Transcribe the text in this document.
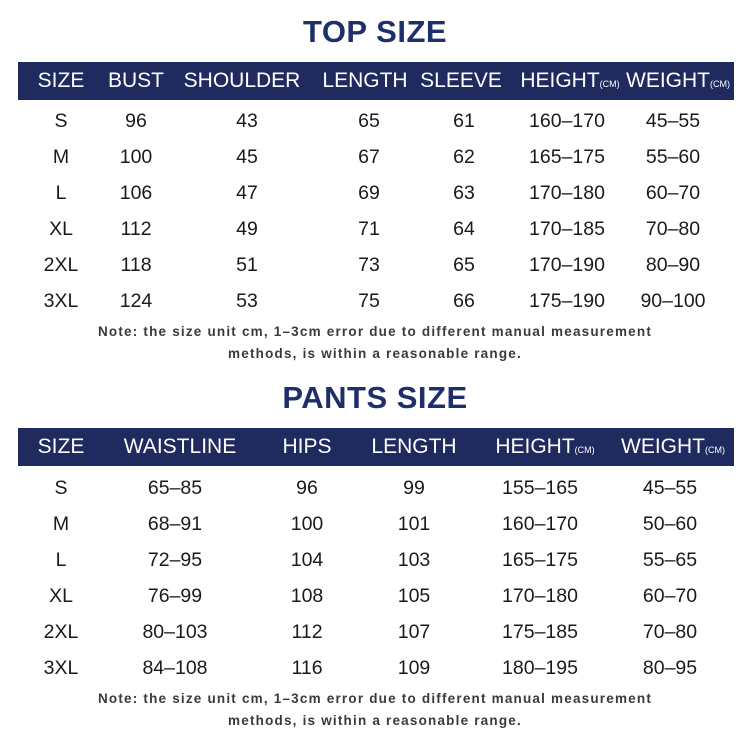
TOP SIZE
SIZE BUST SHOULDER LENGTH SLEEVE HEIGHT(CM) WEIGHT(CM)
S	96	43	65	61	160–170 45–55
M	100	45	67	62	165–175 55–60
L	106	47	69	63	170–180 60–70
XL 112	49	71	64	170–185 70–80
2XL 118	51	73	65	170–190 80–90
3XL 124	53	75	66	175–190 90–100
Note: the size unit cm, 1–3cm error due to different manual measurement
methods, is within a reasonable range.
PANTS SIZE
SIZE WAISTLINE HIPS LENGTH HEIGHT(CM) WEIGHT(CM)
S	65–85	96	99	155–165	45–55
M	68–91	100	101	160–170	50–60
L	72–95	104	103	165–175	55–65
XL	76–99	108	105	170–180	60–70
2XL	80–103	112	107	175–185	70–80
3XL	84–108	116	109	180–195	80–95
Note: the size unit cm, 1–3cm error due to different manual measurement
methods, is within a reasonable range.
